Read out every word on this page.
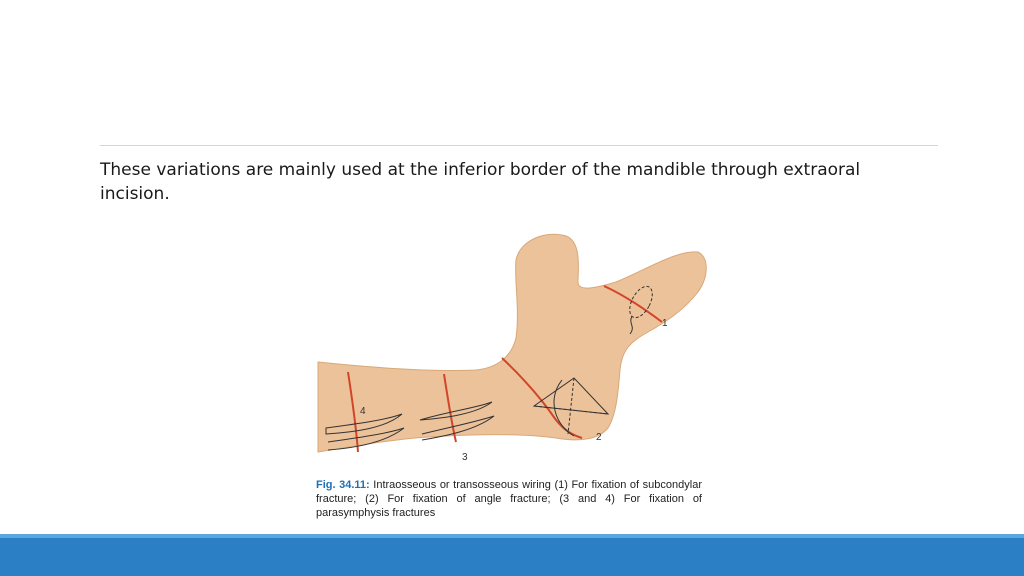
These variations are mainly used at the inferior border of the mandible through extraoral incision.
1
2
3
4
Fig. 34.11: Intraosseous or transosseous wiring (1) For fixation of subcondylar fracture; (2) For fixation of angle fracture; (3 and 4) For fixation of parasymphysis fractures
